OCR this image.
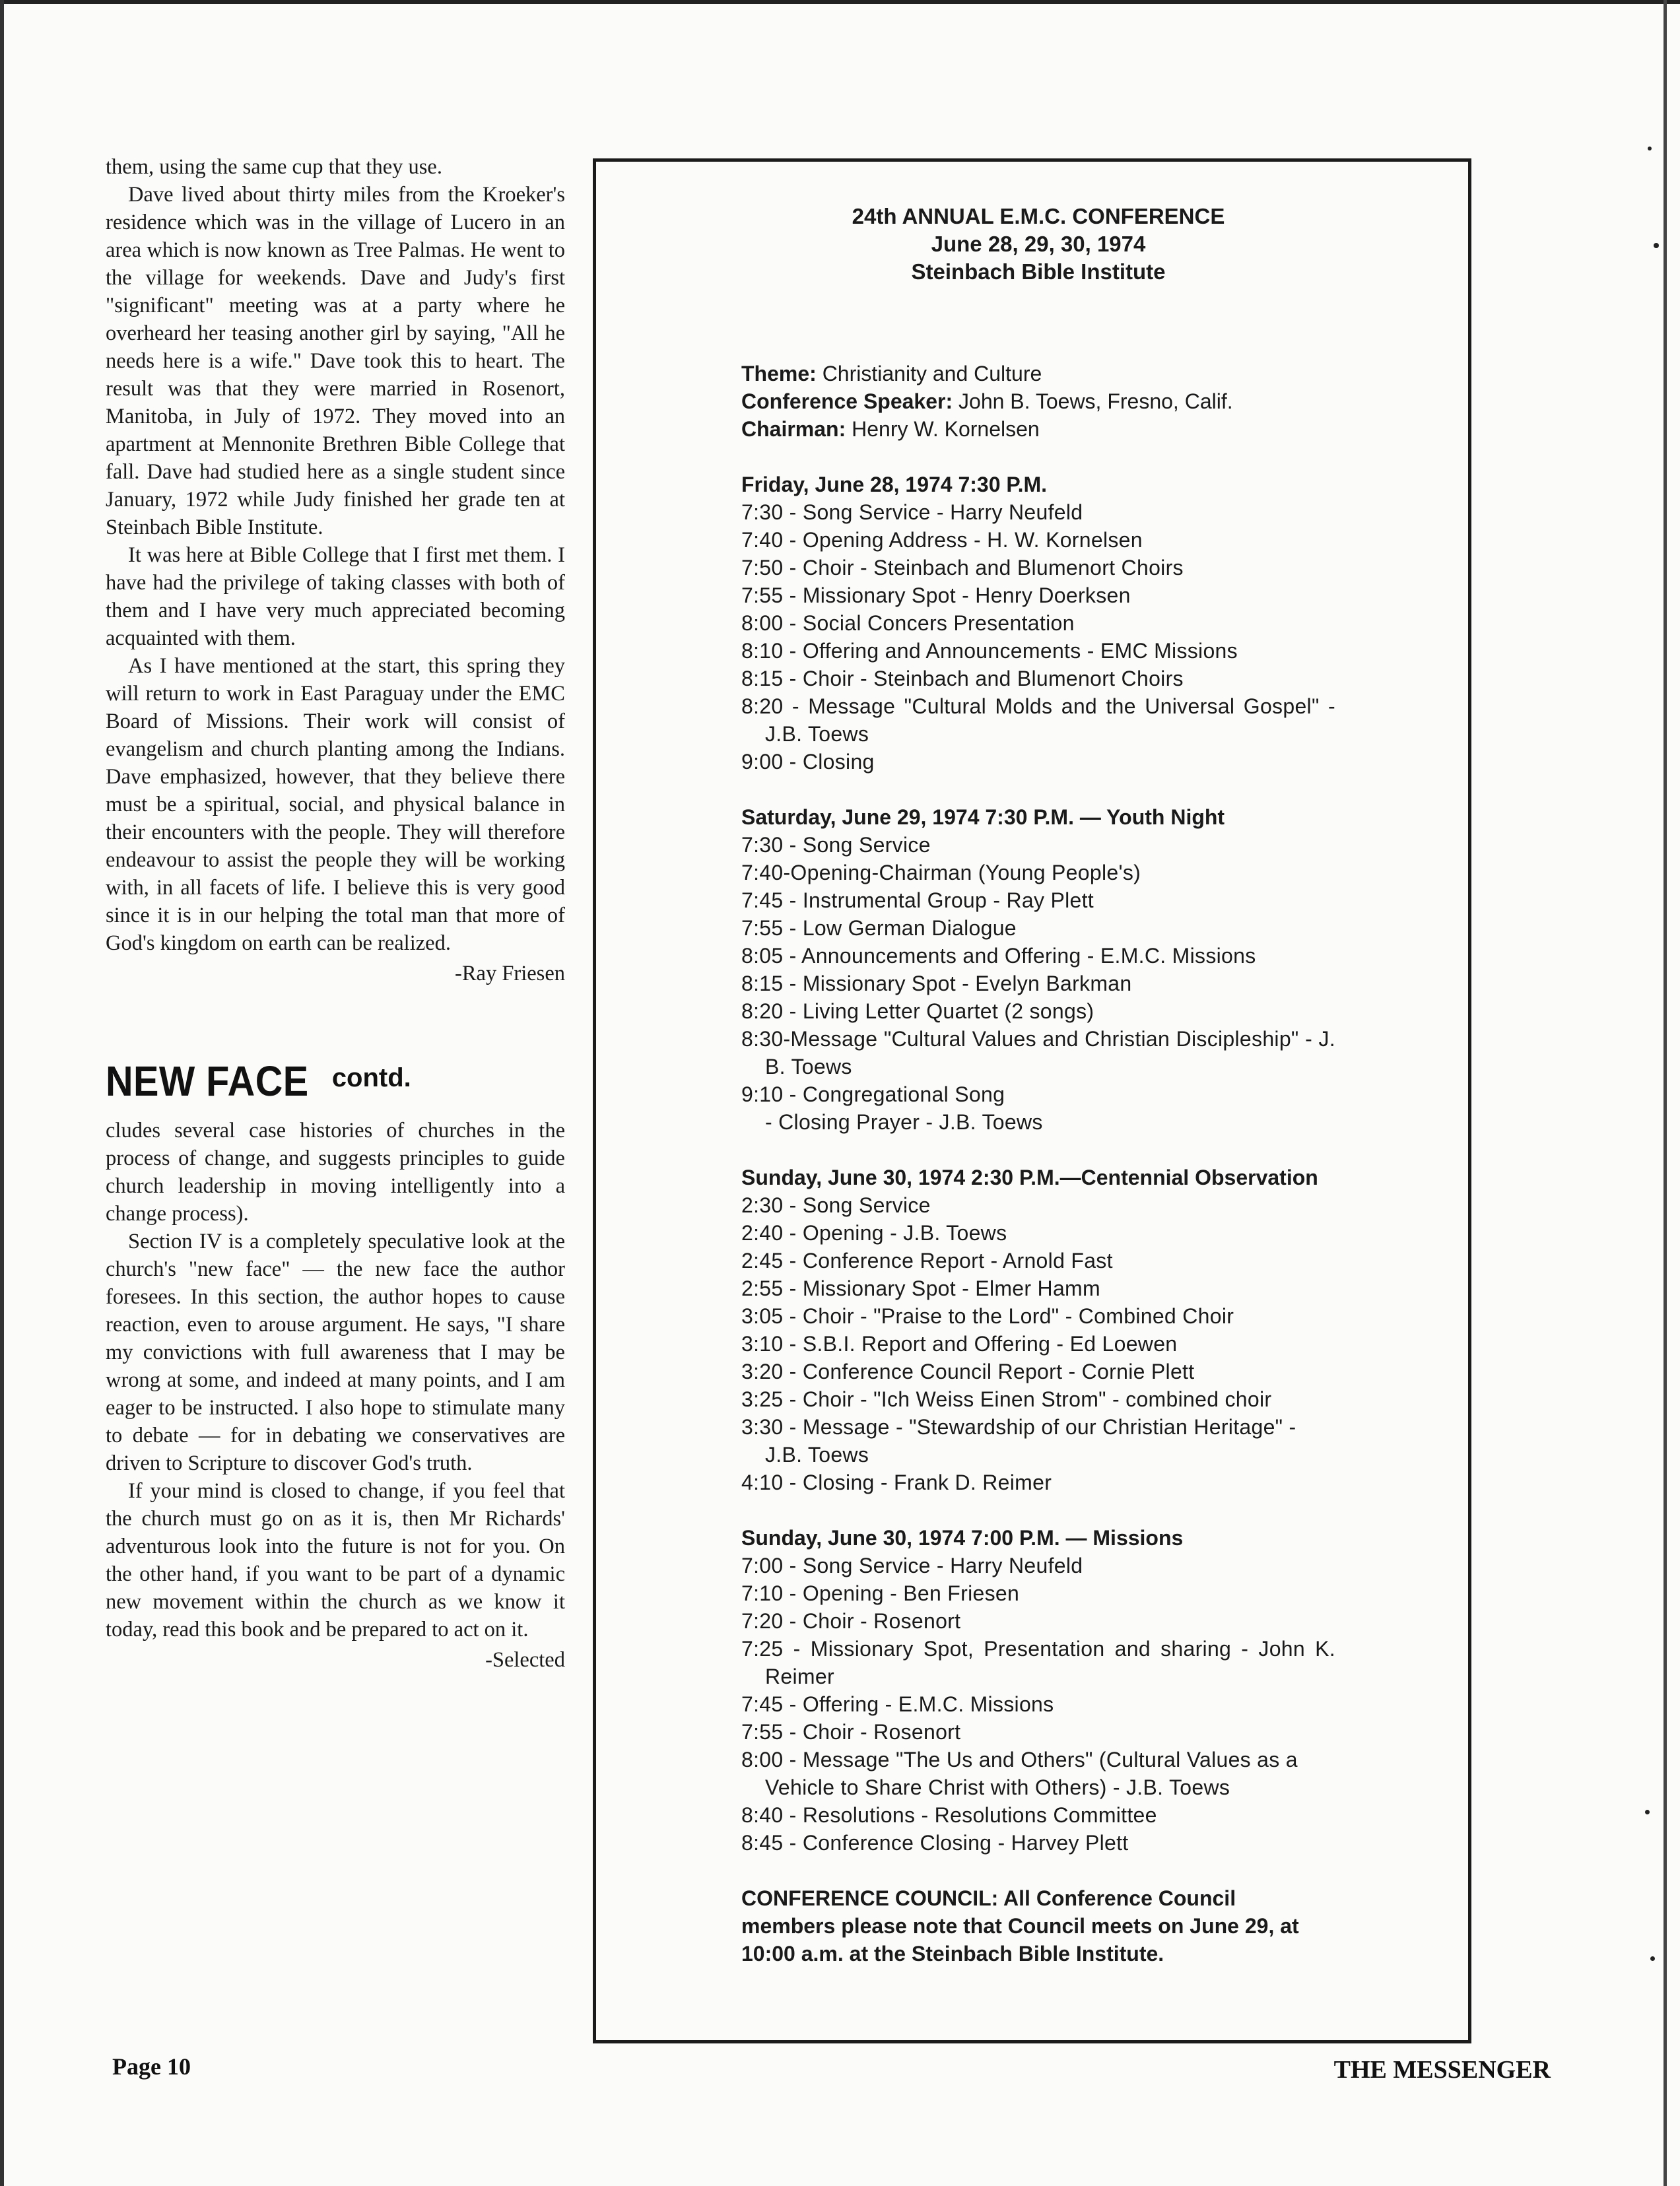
them, using the same cup that they use.

Dave lived about thirty miles from the Kroeker's residence which was in the village of Lucero in an area which is now known as Tree Palmas. He went to the village for weekends. Dave and Judy's first "significant" meeting was at a party where he overheard her teasing another girl by saying, "All he needs here is a wife." Dave took this to heart. The result was that they were married in Rosenort, Manitoba, in July of 1972. They moved into an apartment at Mennonite Brethren Bible College that fall. Dave had studied here as a single student since January, 1972 while Judy finished her grade ten at Steinbach Bible Institute.

It was here at Bible College that I first met them. I have had the privilege of taking classes with both of them and I have very much appreciated becoming acquainted with them.

As I have mentioned at the start, this spring they will return to work in East Paraguay under the EMC Board of Missions. Their work will consist of evangelism and church planting among the Indians. Dave emphasized, however, that they believe there must be a spiritual, social, and physical balance in their encounters with the people. They will therefore endeavour to assist the people they will be working with, in all facets of life. I believe this is very good since it is in our helping the total man that more of God's kingdom on earth can be realized.

-Ray Friesen
NEW FACE contd.

cludes several case histories of churches in the process of change, and suggests principles to guide church leadership in moving intelligently into a change process).

Section IV is a completely speculative look at the church's "new face" — the new face the author foresees. In this section, the author hopes to cause reaction, even to arouse argument. He says, "I share my convictions with full awareness that I may be wrong at some, and indeed at many points, and I am eager to be instructed. I also hope to stimulate many to debate — for in debating we conservatives are driven to Scripture to discover God's truth.

If your mind is closed to change, if you feel that the church must go on as it is, then Mr Richards' adventurous look into the future is not for you. On the other hand, if you want to be part of a dynamic new movement within the church as we know it today, read this book and be prepared to act on it.

-Selected
24th ANNUAL E.M.C. CONFERENCE
June 28, 29, 30, 1974
Steinbach Bible Institute

Theme: Christianity and Culture

Conference Speaker: John B. Toews, Fresno, Calif.

Chairman: Henry W. Kornelsen

Friday, June 28, 1974 7:30 P.M.

7:30 - Song Service - Harry Neufeld

7:40 - Opening Address - H. W. Kornelsen

7:50 - Choir - Steinbach and Blumenort Choirs

7:55 - Missionary Spot - Henry Doerksen

8:00 - Social Concers Presentation

8:10 - Offering and Announcements - EMC Missions

8:15 - Choir - Steinbach and Blumenort Choirs

8:20 - Message "Cultural Molds and the Universal Gospel" - J.B. Toews

9:00 - Closing

Saturday, June 29, 1974 7:30 P.M. — Youth Night

7:30 - Song Service

7:40-Opening-Chairman (Young People's)

7:45 - Instrumental Group - Ray Plett

7:55 - Low German Dialogue

8:05 - Announcements and Offering - E.M.C. Missions

8:15 - Missionary Spot - Evelyn Barkman

8:20 - Living Letter Quartet (2 songs)

8:30-Message "Cultural Values and Christian Discipleship" - J. B. Toews

9:10 - Congregational Song

- Closing Prayer - J.B. Toews

Sunday, June 30, 1974 2:30 P.M.—Centennial Observation

2:30 - Song Service

2:40 - Opening - J.B. Toews

2:45 - Conference Report - Arnold Fast

2:55 - Missionary Spot - Elmer Hamm

3:05 - Choir - "Praise to the Lord" - Combined Choir

3:10 - S.B.I. Report and Offering - Ed Loewen

3:20 - Conference Council Report - Cornie Plett

3:25 - Choir - "Ich Weiss Einen Strom" - combined choir

3:30 - Message - "Stewardship of our Christian Heritage" - J.B. Toews

4:10 - Closing - Frank D. Reimer

Sunday, June 30, 1974 7:00 P.M. — Missions

7:00 - Song Service - Harry Neufeld

7:10 - Opening - Ben Friesen

7:20 - Choir - Rosenort

7:25 - Missionary Spot, Presentation and sharing - John K. Reimer

7:45 - Offering - E.M.C. Missions

7:55 - Choir - Rosenort

8:00 - Message "The Us and Others" (Cultural Values as a Vehicle to Share Christ with Others) - J.B. Toews

8:40 - Resolutions - Resolutions Committee

8:45 - Conference Closing - Harvey Plett

CONFERENCE COUNCIL: All Conference Council members please note that Council meets on June 29, at 10:00 a.m. at the Steinbach Bible Institute.

Page 10	THE MESSENGER
